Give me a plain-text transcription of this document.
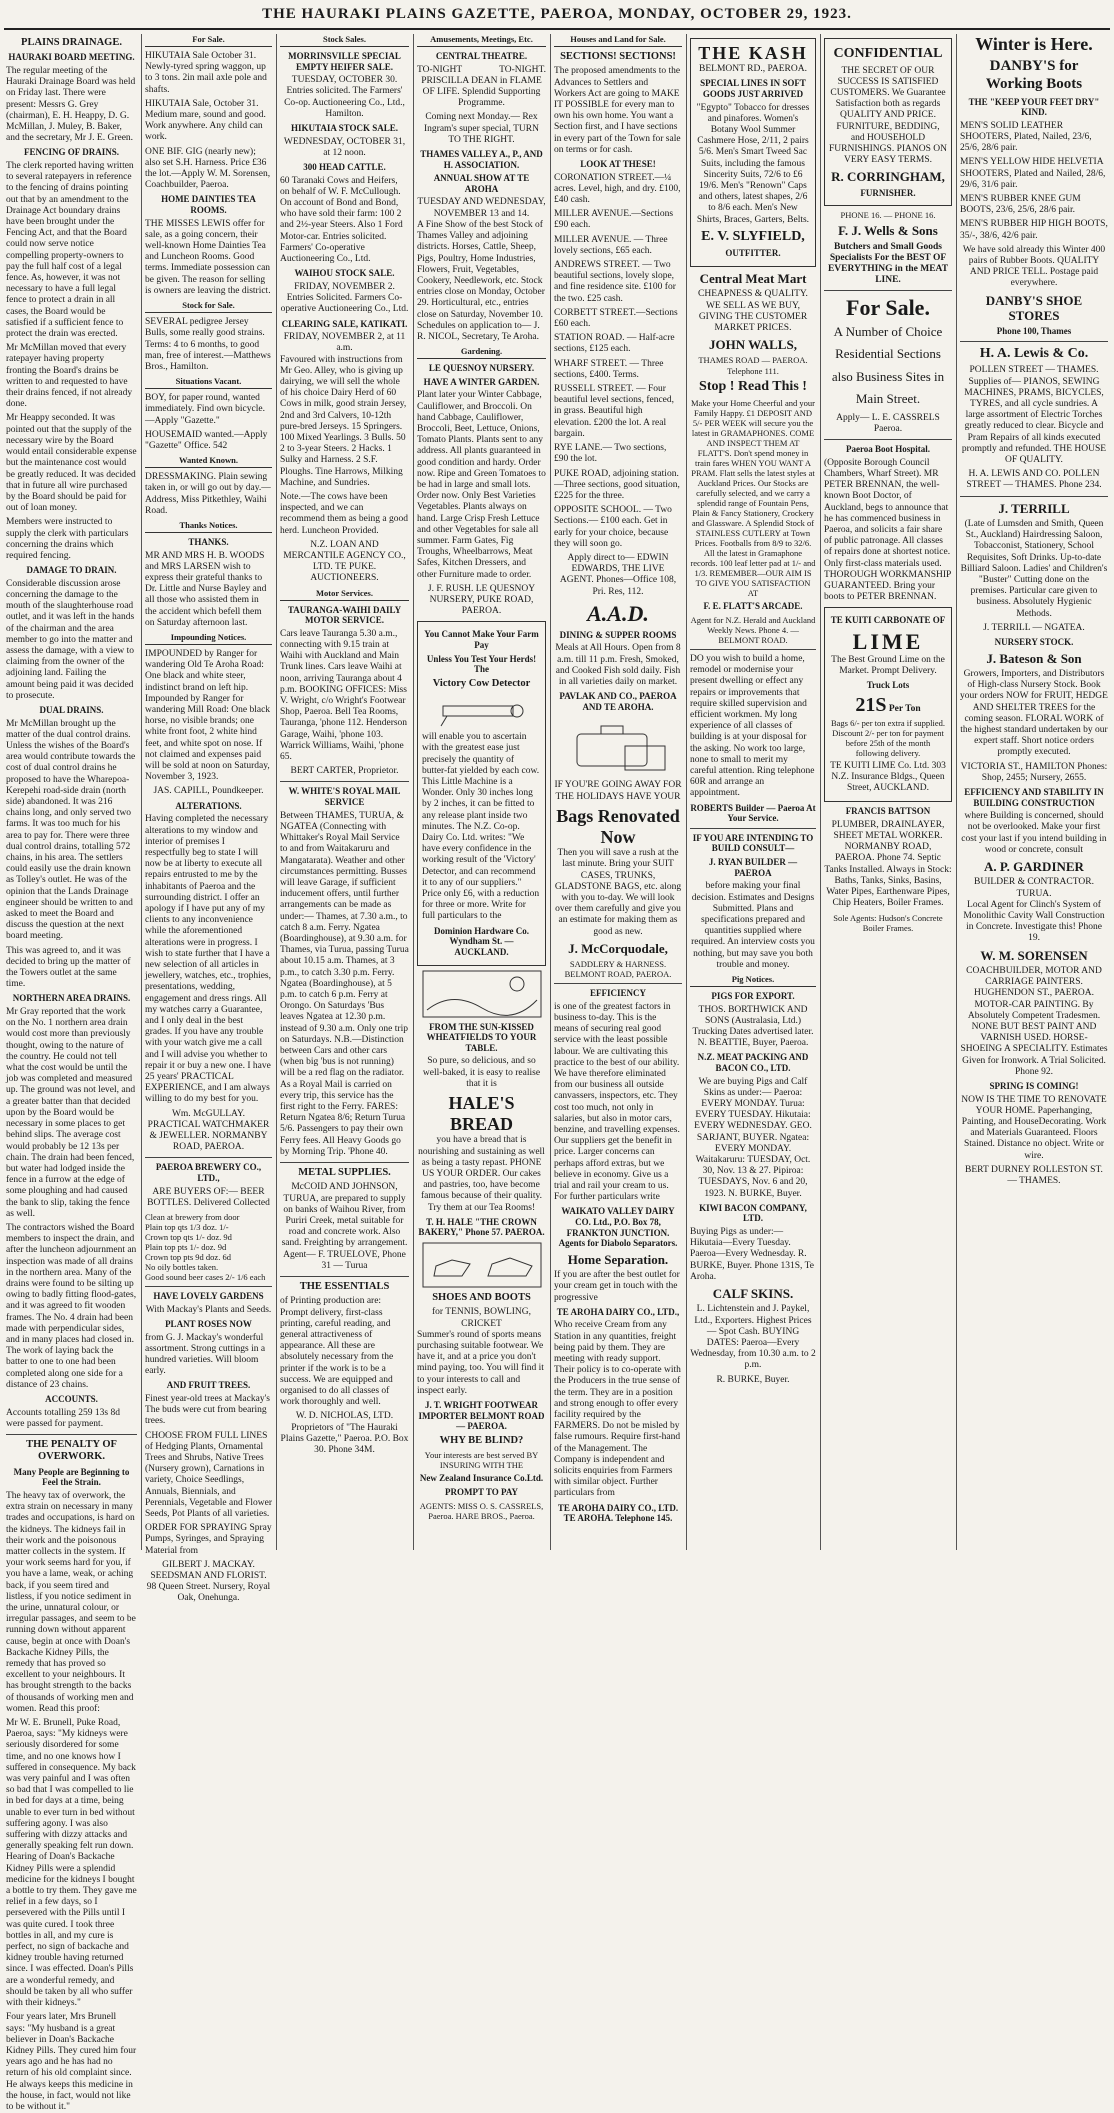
THE HAURAKI PLAINS GAZETTE, PAEROA, MONDAY, OCTOBER 29, 1923.
PLAINS DRAINAGE.
HAURAKI BOARD MEETING.

The regular meeting of the Hauraki Drainage Board was held on Friday last. There were present: Messrs G. Grey (chairman), E. H. Heappy, D. G. McMillan, J. Muley, B. Baker, and the secretary, Mr J. E. Green.

FENCING OF DRAINS.

The clerk reported having written to several ratepayers in reference to the fencing of drains pointing out that by an amendment to the Drainage Act boundary drains have been brought under the Fencing Act, and that the Board could now serve notice compelling property-owners to pay the full half cost of a legal fence. As, however, it was not necessary to have a full legal fence to protect a drain in all cases, the Board would be satisfied if a sufficient fence to protect the drain was erected.

Mr McMillan moved that every ratepayer having property fronting the Board's drains be written to and requested to have their drains fenced, if not already done.

Mr Heappy seconded. It was pointed out that the supply of the necessary wire by the Board would entail considerable expense but the maintenance cost would be greatly reduced. It was decided that in future all wire purchased by the Board should be paid for out of loan money.

Members were instructed to supply the clerk with particulars concerning the drains which required fencing.

DAMAGE TO DRAIN.

Considerable discussion arose concerning the damage to the mouth of the slaughterhouse road outlet, and it was left in the hands of the chairman and the area member to go into the matter and assess the damage, with a view to claiming from the owner of the adjoining land. Failing the amount being paid it was decided to prosecute.

DUAL DRAINS.

Mr McMillan brought up the matter of the dual control drains. Unless the wishes of the Board's area would contribute towards the cost of dual control drains he proposed to have the Wharepoa-Kerepehi road-side drain (north side) abandoned. It was 216 chains long, and only served two farms. It was too much for his area to pay for. There were three dual control drains, totalling 572 chains, in his area. The settlers could easily use the drain known as Tolley's outlet. He was of the opinion that the Lands Drainage engineer should be written to and asked to meet the Board and discuss the question at the next board meeting.

This was agreed to, and it was decided to bring up the matter of the Towers outlet at the same time.

NORTHERN AREA DRAINS.

Mr Gray reported that the work on the No. 1 northern area drain would cost more than previously thought, owing to the nature of the country. He could not tell what the cost would be until the job was completed and measured up. The ground was not level, and a greater batter than that decided upon by the Board would be necessary in some places to get behind slips. The average cost would probably be 12 13s per chain. The drain had been fenced, but water had lodged inside the fence in a furrow at the edge of some ploughing and had caused the bank to slip, taking the fence as well.

The contractors wished the Board members to inspect the drain, and after the luncheon adjournment an inspection was made of all drains in the northern area. Many of the drains were found to be silting up owing to badly fitting flood-gates, and it was agreed to fit wooden frames. The No. 4 drain had been made with perpendicular sides, and in many places had closed in. The work of laying back the batter to one to one had been completed along one side for a distance of 23 chains.

ACCOUNTS.

Accounts totalling 259 13s 8d were passed for payment.

THE PENALTY OF OVERWORK.
Many People are Beginning to Feel the Strain.

The heavy tax of overwork, the extra strain on necessary in many trades and occupations, is hard on the kidneys. The kidneys fail in their work and the poisonous matter collects in the system. If your work seems hard for you, if you have a lame, weak, or aching back, if you seem tired and listless, if you notice sediment in the urine, unnatural colour, or irregular passages, and seem to be running down without apparent cause, begin at once with Doan's Backache Kidney Pills, the remedy that has proved so excellent to your neighbours. It has brought strength to the backs of thousands of working men and women. Read this proof:

Mr W. E. Brunell, Puke Road, Paeroa, says: "My kidneys were seriously disordered for some time, and no one knows how I suffered in consequence. My back was very painful and I was often so bad that I was compelled to lie in bed for days at a time, being unable to ever turn in bed without suffering agony. I was also suffering with dizzy attacks and generally speaking felt run down. Hearing of Doan's Backache Kidney Pills were a splendid medicine for the kidneys I bought a bottle to try them. They gave me relief in a few days, so I persevered with the Pills until I was quite cured. I took three bottles in all, and my cure is perfect, no sign of backache and kidney trouble having returned since. I was effected. Doan's Pills are a wonderful remedy, and should be taken by all who suffer with their kidneys."

Four years later, Mrs Brunell says: "My husband is a great believer in Doan's Backache Kidney Pills. They cured him four years ago and he has had no return of his old complaint since. He always keeps this medicine in the house, in fact, would not like to be without it."

For Sale.

HIKUTAIA Sale October 31. Newly-tyred spring waggon, up to 3 tons. 2in mail axle pole and shafts.

HIKUTAIA Sale, October 31. Medium mare, sound and good. Work anywhere. Any child can work.

ONE BIF. GIG (nearly new); also set S.H. Harness. Price £36 the lot.—Apply W. M. Sorensen, Coachbuilder, Paeroa.

HOME DAINTIES TEA ROOMS.

THE MISSES LEWIS offer for sale, as a going concern, their well-known Home Dainties Tea and Luncheon Rooms. Good terms. Immediate possession can be given. The reason for selling is owners are leaving the district.

Stock for Sale.

SEVERAL pedigree Jersey Bulls, some really good strains. Terms: 4 to 6 months, to good man, free of interest.—Matthews Bros., Hamilton.

Situations Vacant.

BOY, for paper round, wanted immediately. Find own bicycle.—Apply "Gazette."

HOUSEMAID wanted.—Apply "Gazette" Office. 542

Wanted Known.

DRESSMAKING. Plain sewing taken in, or will go out by day.—Address, Miss Pitkethley, Waihi Road.

Thanks Notices.
THANKS.

MR AND MRS H. B. WOODS and MRS LARSEN wish to express their grateful thanks to Dr. Little and Nurse Bayley and all those who assisted them in the accident which befell them on Saturday afternoon last.

Impounding Notices.

IMPOUNDED by Ranger for wandering Old Te Aroha Road: One black and white steer, indistinct brand on left hip. Impounded by Ranger for wandering Mill Road: One black horse, no visible brands; one white front foot, 2 white hind feet, and white spot on nose. If not claimed and expenses paid will be sold at noon on Saturday, November 3, 1923.

JAS. CAPILL, Poundkeeper.

ALTERATIONS.

Having completed the necessary alterations to my window and interior of premises I respectfully beg to state I will now be at liberty to execute all repairs entrusted to me by the inhabitants of Paeroa and the surrounding district. I offer an apology if I have put any of my clients to any inconvenience while the aforementioned alterations were in progress. I wish to state further that I have a new selection of all articles in jewellery, watches, etc., trophies, presentations, wedding, engagement and dress rings. All my watches carry a Guarantee, and I only deal in the best grades. If you have any trouble with your watch give me a call and I will advise you whether to repair it or buy a new one. I have 25 years' PRACTICAL EXPERIENCE, and I am always willing to do my best for you.

Wm. McGULLAY. PRACTICAL WATCHMAKER & JEWELLER. NORMANBY ROAD, PAEROA.

PAEROA BREWERY CO., LTD.,

ARE BUYERS OF:— BEER BOTTLES. Delivered Collected

Clean at brewery from door
Plain top qts 1/3 doz. 1/-
Crown top qts 1/- doz. 9d
Plain top pts 1/- doz. 9d
Crown top pts 9d doz. 6d
No oily bottles taken.
Good sound beer cases 2/- 1/6 each
HAVE LOVELY GARDENS

With Mackay's Plants and Seeds.

PLANT ROSES NOW

from G. J. Mackay's wonderful assortment. Strong cuttings in a hundred varieties. Will bloom early.

AND FRUIT TREES.

Finest year-old trees at Mackay's The buds were cut from bearing trees.

CHOOSE FROM FULL LINES of Hedging Plants, Ornamental Trees and Shrubs, Native Trees (Nursery grown), Carnations in variety, Choice Seedlings, Annuals, Biennials, and Perennials, Vegetable and Flower Seeds, Pot Plants of all varieties.

ORDER FOR SPRAYING Spray Pumps, Syringes, and Spraying Material from

GILBERT J. MACKAY. SEEDSMAN AND FLORIST. 98 Queen Street. Nursery, Royal Oak, Onehunga.

Stock Sales.
MORRINSVILLE SPECIAL EMPTY HEIFER SALE.
TUESDAY, OCTOBER 30.

Entries solicited. The Farmers' Co-op. Auctioneering Co., Ltd., Hamilton.

HIKUTAIA STOCK SALE.
WEDNESDAY, OCTOBER 31, at 12 noon.
300 HEAD CATTLE.

60 Taranaki Cows and Heifers, on behalf of W. F. McCullough. On account of Bond and Bond, who have sold their farm: 100 2 and 2½-year Steers. Also 1 Ford Motor-car. Entries solicited. Farmers' Co-operative Auctioneering Co., Ltd.

WAIHOU STOCK SALE.
FRIDAY, NOVEMBER 2.

Entries Solicited. Farmers Co-operative Auctioneering Co., Ltd.

CLEARING SALE, KATIKATI.
FRIDAY, NOVEMBER 2, at 11 a.m.

Favoured with instructions from Mr Geo. Alley, who is giving up dairying, we will sell the whole of his choice Dairy Herd of 60 Cows in milk, good strain Jersey, 2nd and 3rd Calvers, 10-12th pure-bred Jerseys. 15 Springers. 100 Mixed Yearlings. 3 Bulls. 50 2 to 3-year Steers. 2 Hacks. 1 Sulky and Harness. 2 S.F. Ploughs. Tine Harrows, Milking Machine, and Sundries.

Note.—The cows have been inspected, and we can recommend them as being a good herd. Luncheon Provided.

N.Z. LOAN AND MERCANTILE AGENCY CO., LTD. TE PUKE. AUCTIONEERS.

Motor Services.
TAURANGA-WAIHI DAILY MOTOR SERVICE.

Cars leave Tauranga 5.30 a.m., connecting with 9.15 train at Waihi with Auckland and Main Trunk lines. Cars leave Waihi at noon, arriving Tauranga about 4 p.m. BOOKING OFFICES: Miss V. Wright, c/o Wright's Footwear Shop, Paeroa. Bell Tea Rooms, Tauranga, 'phone 112. Henderson Garage, Waihi, 'phone 103. Warrick Williams, Waihi, 'phone 65.

BERT CARTER, Proprietor.

W. WHITE'S ROYAL MAIL SERVICE

Between THAMES, TURUA, & NGATEA (Connecting with Whittaker's Royal Mail Service to and from Waitakaruru and Mangatarata). Weather and other circumstances permitting. Busses will leave Garage, if sufficient inducement offers, until further arrangements can be made as under:— Thames, at 7.30 a.m., to catch 8 a.m. Ferry. Ngatea (Boardinghouse), at 9.30 a.m. for Thames, via Turua, passing Turua about 10.15 a.m. Thames, at 3 p.m., to catch 3.30 p.m. Ferry. Ngatea (Boardinghouse), at 5 p.m. to catch 6 p.m. Ferry at Orongo. On Saturdays 'Bus leaves Ngatea at 12.30 p.m. instead of 9.30 a.m. Only one trip on Saturdays. N.B.—Distinction between Cars and other cars (when big 'bus is not running) will be a red flag on the radiator. As a Royal Mail is carried on every trip, this service has the first right to the Ferry. FARES: Return Ngatea 8/6; Return Turua 5/6. Passengers to pay their own Ferry fees. All Heavy Goods go by Morning Trip. 'Phone 40.

METAL SUPPLIES.

McCOID AND JOHNSON, TURUA, are prepared to supply on banks of Waihou River, from Puriri Creek, metal suitable for road and concrete work. Also sand. Freighting by arrangement. Agent— F. TRUELOVE, Phone 31 — Turua

THE ESSENTIALS

of Printing production are: Prompt delivery, first-class printing, careful reading, and general attractiveness of appearance. All these are absolutely necessary from the printer if the work is to be a success. We are equipped and organised to do all classes of work thoroughly and well.

W. D. NICHOLAS, LTD. Proprietors of "The Hauraki Plains Gazette," Paeroa. P.O. Box 30. Phone 34M.

Amusements, Meetings, Etc.
CENTRAL THEATRE.
TO-NIGHT	TO-NIGHT.

PRISCILLA DEAN in FLAME OF LIFE. Splendid Supporting Programme.

Coming next Monday.— Rex Ingram's super special, TURN TO THE RIGHT.

THAMES VALLEY A., P., AND H. ASSOCIATION.
ANNUAL SHOW AT TE AROHA
TUESDAY AND WEDNESDAY, NOVEMBER 13 and 14.

A Fine Show of the best Stock of Thames Valley and adjoining districts. Horses, Cattle, Sheep, Pigs, Poultry, Home Industries, Flowers, Fruit, Vegetables, Cookery, Needlework, etc. Stock entries close on Monday, October 29. Horticultural, etc., entries close on Saturday, November 10. Schedules on application to— J. R. NICOL, Secretary, Te Aroha.

Gardening.
LE QUESNOY NURSERY.
HAVE A WINTER GARDEN.

Plant later your Winter Cabbage, Cauliflower, and Broccoli. On hand Cabbage, Cauliflower, Broccoli, Beet, Lettuce, Onions, Tomato Plants. Plants sent to any address. All plants guaranteed in good condition and hardy. Order now. Ripe and Green Tomatoes to be had in large and small lots. Order now. Only Best Varieties Vegetables. Plants always on hand. Large Crisp Fresh Lettuce and other Vegetables for sale all summer. Farm Gates, Fig Troughs, Wheelbarrows, Meat Safes, Kitchen Dressers, and other Furniture made to order.

J. F. RUSH. LE QUESNOY NURSERY, PUKE ROAD, PAEROA.

You Cannot Make Your Farm Pay
Unless You Test Your Herds! The
Victory Cow Detector

will enable you to ascertain with the greatest ease just precisely the quantity of butter-fat yielded by each cow. This Little Machine is a Wonder. Only 30 inches long by 2 inches, it can be fitted to any release plant inside two minutes. The N.Z. Co-op. Dairy Co. Ltd. writes: "We have every confidence in the working result of the 'Victory' Detector, and can recommend it to any of our suppliers." Price only £6, with a reduction for three or more. Write for full particulars to the

Dominion Hardware Co. Wyndham St. — AUCKLAND.
FROM THE SUN-KISSED WHEATFIELDS TO YOUR TABLE.

So pure, so delicious, and so well-baked, it is easy to realise that it is

HALE'S BREAD

you have a bread that is nourishing and sustaining as well as being a tasty repast. PHONE US YOUR ORDER. Our cakes and pastries, too, have become famous because of their quality. Try them at our Tea Rooms!

T. H. HALE "THE CROWN BAKERY," Phone 57. PAEROA.
SHOES AND BOOTS
for TENNIS, BOWLING, CRICKET

Summer's round of sports means purchasing suitable footwear. We have it, and at a price you don't mind paying, too. You will find it to your interests to call and inspect early.

J. T. WRIGHT FOOTWEAR IMPORTER BELMONT ROAD — PAEROA.
WHY BE BLIND?

Your interests are best served BY INSURING WITH THE

New Zealand Insurance Co.Ltd.
PROMPT TO PAY

AGENTS: MISS O. S. CASSRELS, Paeroa. HARE BROS., Paeroa.

Houses and Land for Sale.
SECTIONS! SECTIONS!

The proposed amendments to the Advances to Settlers and Workers Act are going to MAKE IT POSSIBLE for every man to own his own home. You want a Section first, and I have sections in every part of the Town for sale on terms or for cash.

LOOK AT THESE!

CORONATION STREET.—¼ acres. Level, high, and dry. £100, £40 cash.

MILLER AVENUE.—Sections £90 each.

MILLER AVENUE. — Three lovely sections, £65 each.

ANDREWS STREET. — Two beautiful sections, lovely slope, and fine residence site. £100 for the two. £25 cash.

CORBETT STREET.—Sections £60 each.

STATION ROAD. — Half-acre sections, £125 each.

WHARF STREET. — Three sections, £400. Terms.

RUSSELL STREET. — Four beautiful level sections, fenced, in grass. Beautiful high elevation. £200 the lot. A real bargain.

RYE LANE.— Two sections, £90 the lot.

PUKE ROAD, adjoining station. —Three sections, good situation, £225 for the three.

OPPOSITE SCHOOL. — Two Sections.— £100 each. Get in early for your choice, because they will soon go.

Apply direct to— EDWIN EDWARDS, THE LIVE AGENT. Phones—Office 108, Pri. Res, 112.

A.A.D.
DINING & SUPPER ROOMS

Meals at All Hours. Open from 8 a.m. till 11 p.m. Fresh, Smoked, and Cooked Fish sold daily. Fish in all varieties daily on market.

PAVLAK AND CO., PAEROA AND TE AROHA.

IF YOU'RE GOING AWAY FOR THE HOLIDAYS HAVE YOUR

Bags Renovated Now

Then you will save a rush at the last minute. Bring your SUIT CASES, TRUNKS, GLADSTONE BAGS, etc. along with you to-day. We will look over them carefully and give you an estimate for making them as good as new.

J. McCorquodale,
SADDLERY & HARNESS. BELMONT ROAD, PAEROA.
EFFICIENCY

is one of the greatest factors in business to-day. This is the means of securing real good service with the least possible labour. We are cultivating this practice to the best of our ability. We have therefore eliminated from our business all outside canvassers, inspectors, etc. They cost too much, not only in salaries, but also in motor cars, benzine, and travelling expenses. Our suppliers get the benefit in price. Larger concerns can perhaps afford extras, but we believe in economy. Give us a trial and rail your cream to us. For further particulars write

WAIKATO VALLEY DAIRY CO. Ltd., P.O. Box 78, FRANKTON JUNCTION. Agents for Diabolo Separators.
Home Separation.

If you are after the best outlet for your cream get in touch with the progressive

TE AROHA DAIRY CO., LTD.,

Who receive Cream from any Station in any quantities, freight being paid by them. They are meeting with ready support. Their policy is to co-operate with the Producers in the true sense of the term. They are in a position and strong enough to offer every facility required by the FARMERS. Do not be misled by false rumours. Require first-hand of the Management. The Company is independent and solicits enquiries from Farmers with similar object. Further particulars from

TE AROHA DAIRY CO., LTD. TE AROHA. Telephone 145.
THE KASH
BELMONT RD., PAEROA.
SPECIAL LINES IN SOFT GOODS JUST ARRIVED

"Egypto" Tobacco for dresses and pinafores. Women's Botany Wool Summer Cashmere Hose, 2/11, 2 pairs 5/6. Men's Smart Tweed Sac Suits, including the famous Sincerity Suits, 72/6 to £6 19/6. Men's "Renown" Caps and others, latest shapes, 2/6 to 8/6 each. Men's New Shirts, Braces, Garters, Belts.

E. V. SLYFIELD,
OUTFITTER.
Central Meat Mart

CHEAPNESS & QUALITY. WE SELL AS WE BUY, GIVING THE CUSTOMER MARKET PRICES.

JOHN WALLS,
THAMES ROAD — PAEROA. Telephone 111.
Stop ! Read This !

Make your Home Cheerful and your Family Happy. £1 DEPOSIT AND 5/- PER WEEK will secure you the latest in GRAMAPHONES. COME AND INSPECT THEM AT FLATT'S. Don't spend money in train fares WHEN YOU WANT A PRAM. Flatt sells the latest styles at Auckland Prices. Our Stocks are carefully selected, and we carry a splendid range of Fountain Pens, Plain & Fancy Stationery, Crockery and Glassware. A Splendid Stock of STAINLESS CUTLERY at Town Prices. Footballs from 8/9 to 32/6. All the latest in Gramaphone records. 100 leaf letter pad at 1/- and 1/3. REMEMBER—OUR AIM IS TO GIVE YOU SATISFACTION AT

F. E. FLATT'S ARCADE.
Agent for N.Z. Herald and Auckland Weekly News. Phone 4. — BELMONT ROAD.

DO you wish to build a home, remodel or modernise your present dwelling or effect any repairs or improvements that require skilled supervision and efficient workmen. My long experience of all classes of building is at your disposal for the asking. No work too large, none to small to merit my careful attention. Ring telephone 60R and arrange an appointment.

ROBERTS Builder — Paeroa At Your Service.
IF YOU ARE INTENDING TO BUILD CONSULT—
J. RYAN BUILDER — PAEROA

before making your final decision. Estimates and Designs Submitted. Plans and specifications prepared and quantities supplied where required. An interview costs you nothing, but may save you both trouble and money.

Pig Notices.
PIGS FOR EXPORT.

THOS. BORTHWICK AND SONS (Australasia, Ltd.) Trucking Dates advertised later. N. BEATTIE, Buyer, Paeroa.

N.Z. MEAT PACKING AND BACON CO., LTD.

We are buying Pigs and Calf Skins as under:— Paeroa: EVERY MONDAY. Turua: EVERY TUESDAY. Hikutaia: EVERY WEDNESDAY. GEO. SARJANT, BUYER. Ngatea: EVERY MONDAY. Waitakaruru: TUESDAY, Oct. 30, Nov. 13 & 27. Pipiroa: TUESDAYS, Nov. 6 and 20, 1923. N. BURKE, Buyer.

KIWI BACON COMPANY, LTD.

Buying Pigs as under:— Hikutaia—Every Tuesday. Paeroa—Every Wednesday. R. BURKE, Buyer. Phone 131S, Te Aroha.

CALF SKINS.

L. Lichtenstein and J. Paykel, Ltd., Exporters. Highest Prices — Spot Cash. BUYING DATES: Paeroa—Every Wednesday, from 10.30 a.m. to 2 p.m.

R. BURKE, Buyer.
CONFIDENTIAL

THE SECRET OF OUR SUCCESS IS SATISFIED CUSTOMERS. We Guarantee Satisfaction both as regards QUALITY AND PRICE. FURNITURE, BEDDING, and HOUSEHOLD FURNISHINGS. PIANOS ON VERY EASY TERMS.

R. CORRINGHAM,
FURNISHER.
PHONE 16. — PHONE 16.
F. J. Wells & Sons

Butchers and Small Goods Specialists For the BEST OF EVERYTHING in the MEAT LINE.

For Sale.

A Number of Choice Residential Sections also Business Sites in Main Street.

Apply— L. E. CASSRELS Paeroa.

Paeroa Boot Hospital.

(Opposite Borough Council Chambers, Wharf Street). MR PETER BRENNAN, the well-known Boot Doctor, of Auckland, begs to announce that he has commenced business in Paeroa, and solicits a fair share of public patronage. All classes of repairs done at shortest notice. Only first-class materials used. THOROUGH WORKMANSHIP GUARANTEED. Bring your boots to PETER BRENNAN.

TE KUITI CARBONATE OF
LIME

The Best Ground Lime on the Market. Prompt Delivery.

Truck Lots
21S Per Ton

Bags 6/- per ton extra if supplied. Discount 2/- per ton for payment before 25th of the month following delivery.

TE KUITI LIME Co. Ltd. 303 N.Z. Insurance Bldgs., Queen Street, AUCKLAND.

FRANCIS BATTSON

PLUMBER, DRAINLAYER, SHEET METAL WORKER. NORMANBY ROAD, PAEROA. Phone 74. Septic Tanks Installed. Always in Stock: Baths, Tanks, Sinks, Basins, Water Pipes, Earthenware Pipes, Chip Heaters, Boiler Frames.

Sole Agents: Hudson's Concrete Boiler Frames.

Winter is Here.
DANBY'S for Working Boots
THE "KEEP YOUR FEET DRY" KIND.

MEN'S SOLID LEATHER SHOOTERS, Plated, Nailed, 23/6, 25/6, 28/6 pair.

MEN'S YELLOW HIDE HELVETIA SHOOTERS, Plated and Nailed, 28/6, 29/6, 31/6 pair.

MEN'S RUBBER KNEE GUM BOOTS, 23/6, 25/6, 28/6 pair.

MEN'S RUBBER HIP HIGH BOOTS, 35/-, 38/6, 42/6 pair.

We have sold already this Winter 400 pairs of Rubber Boots. QUALITY AND PRICE TELL. Postage paid everywhere.

DANBY'S SHOE STORES
Phone 100, Thames
H. A. Lewis & Co.
POLLEN STREET — THAMES.

Supplies of— PIANOS, SEWING MACHINES, PRAMS, BICYCLES, TYRES, and all cycle sundries. A large assortment of Electric Torches greatly reduced to clear. Bicycle and Pram Repairs of all kinds executed promptly and refunded. THE HOUSE OF QUALITY.

H. A. LEWIS AND CO. POLLEN STREET — THAMES. Phone 234.

J. TERRILL

(Late of Lumsden and Smith, Queen St., Auckland) Hairdressing Saloon, Tobacconist, Stationery, School Requisites, Soft Drinks. Up-to-date Billiard Saloon. Ladies' and Children's "Buster" Cutting done on the premises. Particular care given to business. Absolutely Hygienic Methods.

J. TERRILL — NGATEA.
NURSERY STOCK.
J. Bateson & Son

Growers, Importers, and Distributors of High-class Nursery Stock. Book your orders NOW for FRUIT, HEDGE AND SHELTER TREES for the coming season. FLORAL WORK of the highest standard undertaken by our expert staff. Short notice orders promptly executed.

VICTORIA ST., HAMILTON Phones: Shop, 2455; Nursery, 2655.

EFFICIENCY AND STABILITY IN BUILDING CONSTRUCTION

where Building is concerned, should not be overlooked. Make your first cost your last if you intend building in wood or concrete, consult

A. P. GARDINER
BUILDER & CONTRACTOR. TURUA.

Local Agent for Clinch's System of Monolithic Cavity Wall Construction in Concrete. Investigate this! Phone 19.

W. M. SORENSEN

COACHBUILDER, MOTOR AND CARRIAGE PAINTERS. HUGHENDON ST., PAEROA. MOTOR-CAR PAINTING. By Absolutely Competent Tradesmen. NONE BUT BEST PAINT AND VARNISH USED. HORSE-SHOEING A SPECIALITY. Estimates Given for Ironwork. A Trial Solicited. Phone 92.

SPRING IS COMING!

NOW IS THE TIME TO RENOVATE YOUR HOME. Paperhanging, Painting, and HouseDecorating. Work and Materials Guaranteed. Floors Stained. Distance no object. Write or wire.

BERT DURNEY ROLLESTON ST. — THAMES.
